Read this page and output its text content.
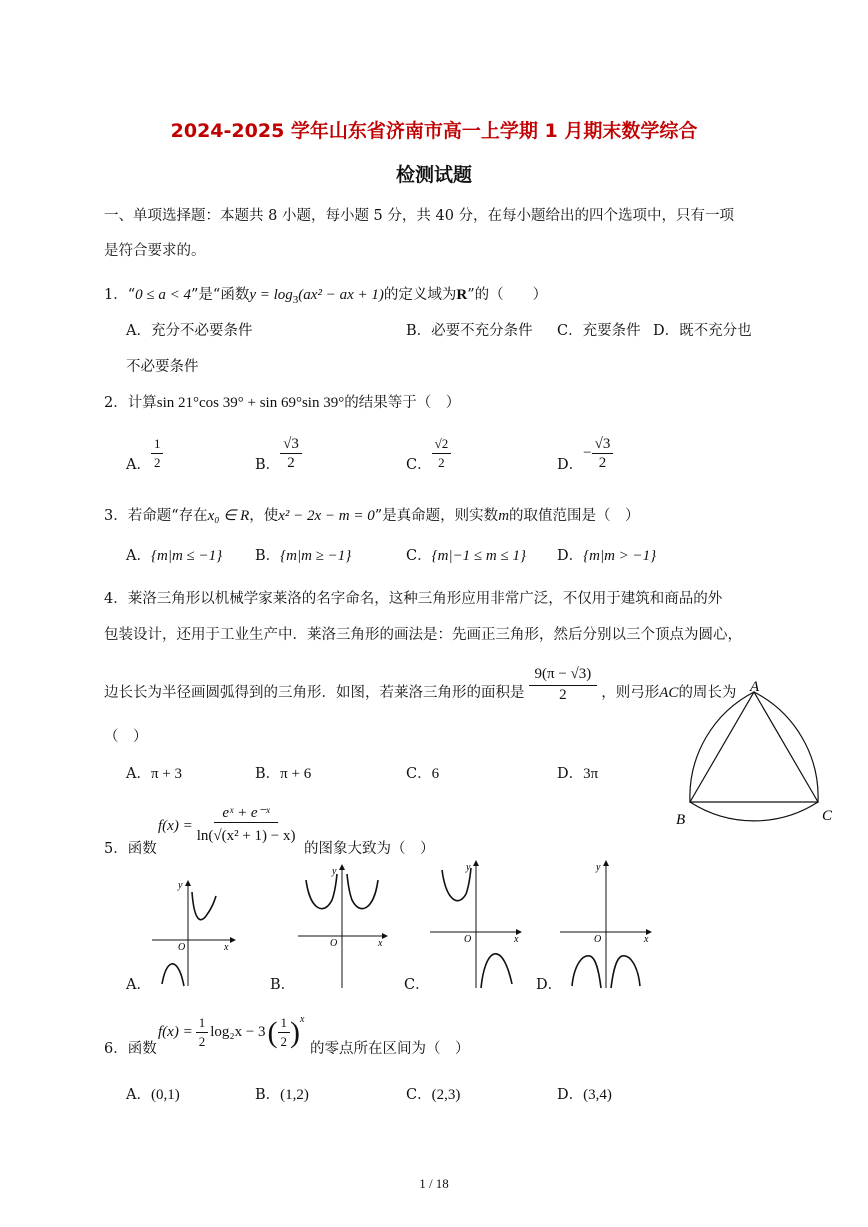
2024-2025 学年山东省济南市高一上学期 1 月期末数学综合
检测试题
一、单项选择题：本题共 8 小题，每小题 5 分，共 40 分，在每小题给出的四个选项中，只有一项
是符合要求的。
1．“0 ≤ a < 4”是“函数$y = \log_3(ax^2$ − ax + 1)的定义域为R”的（　　）
A．充分不必要条件	B．必要不充分条件 C．充要条件 D．既不充分也
不必要条件
2．计算sin 21°cos 39° + sin 69°sin 39°的结果等于（　）
A． $\frac{1}{2}$	B． $\frac{√3}{2}$	C． $\frac{√2}{2}$	D．
− $\frac{√3}{2}$
3．若命题“存在x₀ ∈ R，使x² − 2x − m = 0”是真命题，则实数m的取值范围是（　）
A．{m|m ≤ −1} B．{m|m ≥ −1}	C．{m|−1 ≤ m ≤ 1} D．{m|m > −1}
4．莱洛三角形以机械学家莱洛的名字命名，这种三角形应用非常广泛，不仅用于建筑和商品的外
包装设计，还用于工业生产中．莱洛三角形的画法是：先画正三角形，然后分别以三个顶点为圆心，
边长长为半径画圆弧得到的三角形．如图，若莱洛三角形的面积是 $\frac{9(\pi - √3)}{2}$ ，则弓形 AC 的周长为
（　）
A．π + 3	B．π + 6	C．6	D．3π
A
B	C
5．函数
$f(x) = \frac{\text{eˣ + e⁻ˣ}}{\text{ln(√(x² + 1) − x)}}$ 的图象大致为（　）
A．
y
x
O
B．
y
x
O
C．
y
x
O
D．
y
x
O
6．函数
$f(x) = \frac{1}{2} \log_2x - 3$ ( $\frac{1}{2} )^x$
的零点所在区间为（　）
A．(0,1)	B．(1,2)	C．(2,3)	D．(3,4)
1 / 18
